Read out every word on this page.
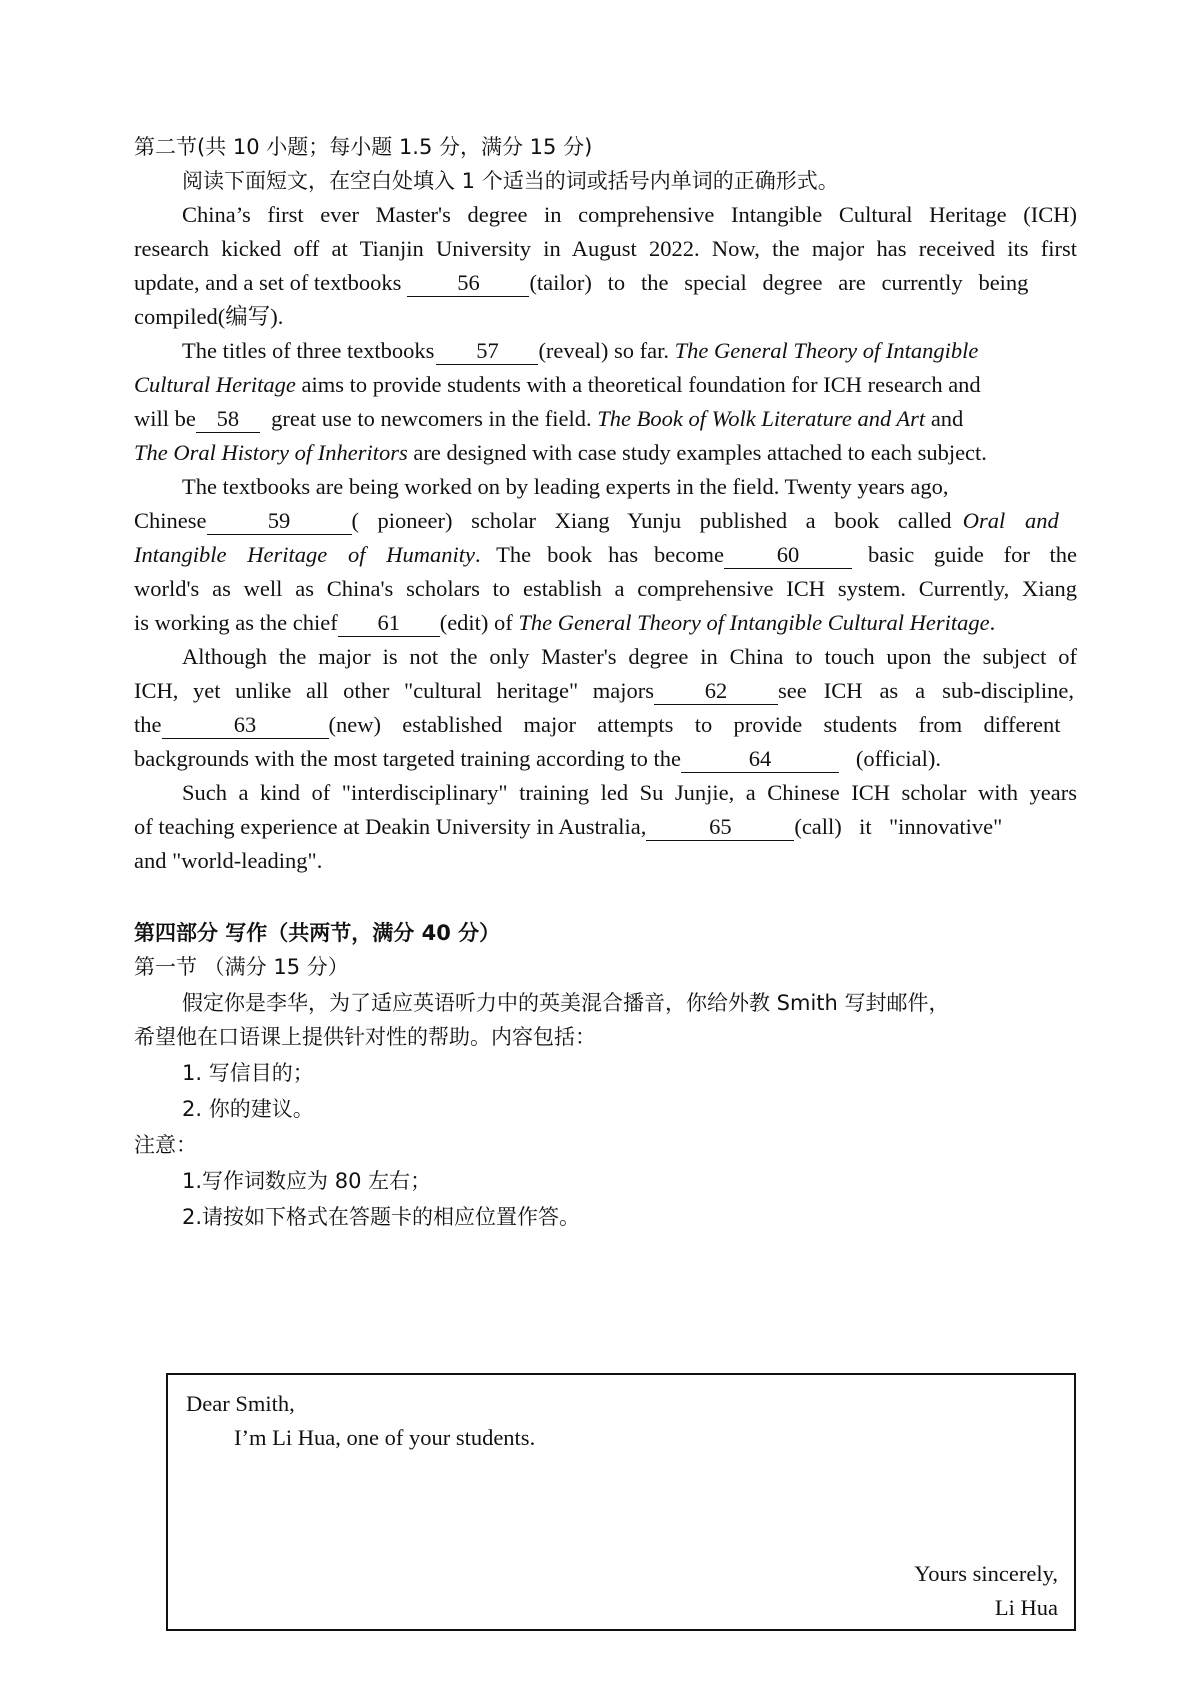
第二节(共 10 小题；每小题 1.5 分，满分 15 分)
阅读下面短文，在空白处填入 1 个适当的词或括号内单词的正确形式。
China’s first ever Master's degree in comprehensive Intangible Cultural Heritage (ICH)
research kicked off at Tianjin University in August 2022. Now, the major has received its first
update, and a set of textbooks 56 (tailor) to the special degree are currently being
compiled(编写).
The titles of three textbooks 57 (reveal) so far. The General Theory of Intangible
Cultural Heritage aims to provide students with a theoretical foundation for ICH research and
will be 58 great use to newcomers in the field. The Book of Wolk Literature and Art and
The Oral History of Inheritors are designed with case study examples attached to each subject.
The textbooks are being worked on by leading experts in the field. Twenty years ago,
Chinese	59	( pioneer) scholar Xiang Yunju published a book called Oral and
Intangible Heritage of Humanity. The book has become 60	basic guide for the
world's as well as China's scholars to establish a comprehensive ICH system. Currently, Xiang
is working as the chief 61 (edit) of The General Theory of Intangible Cultural Heritage.
Although the major is not the only Master's degree in China to touch upon the subject of
ICH, yet unlike all other "cultural heritage" majors 62 see ICH as a sub-discipline,
the	63	(new) established major attempts to provide students from different
backgrounds with the most targeted training according to the	64	(official).
Such a kind of "interdisciplinary" training led Su Junjie, a Chinese ICH scholar with years
of teaching experience at Deakin University in Australia,	65	(call) it "innovative"
and "world-leading".
第四部分 写作（共两节，满分 40 分）
第一节 （满分 15 分）
假定你是李华，为了适应英语听力中的英美混合播音，你给外教 Smith 写封邮件，
希望他在口语课上提供针对性的帮助。内容包括：
1. 写信目的；
2. 你的建议。
注意：
1.写作词数应为 80 左右；
2.请按如下格式在答题卡的相应位置作答。
Dear Smith,
I’m Li Hua, one of your students.
Yours sincerely,
Li Hua
